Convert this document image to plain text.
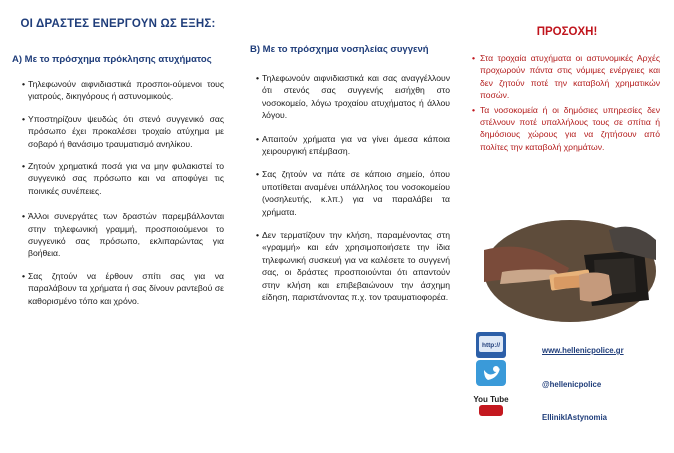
ΟΙ ΔΡΑΣΤΕΣ ΕΝΕΡΓΟΥΝ ΩΣ ΕΞΗΣ:
Α) Με το πρόσχημα πρόκλησης ατυχήματος
• Τηλεφωνούν αιφνιδιαστικά προσποι-ούμενοι τους γιατρούς, δικηγόρους ή αστυνομικούς.
• Υποστηρίζουν ψευδώς ότι στενό συγγενικό σας πρόσωπο έχει προκαλέσει τροχαίο ατύχημα με σοβαρό ή θανάσιμο τραυματισμό ανηλίκου.
• Ζητούν χρηματικά ποσά για να μην φυλακιστεί το συγγενικό σας πρόσωπο και να αποφύγει τις ποινικές συνέπειες.
• Άλλοι συνεργάτες των δραστών παρεμβάλλονται στην τηλεφωνική γραμμή, προσποιούμενοι το συγγενικό σας πρόσωπο, εκλιπαρώντας για βοήθεια.
• Σας ζητούν να έρθουν σπίτι σας για να παραλάβουν τα χρήματα ή σας δίνουν ραντεβού σε καθορισμένο τόπο και χρόνο.
Β) Με το πρόσχημα νοσηλείας συγγενή
• Τηλεφωνούν αιφνιδιαστικά και σας αναγγέλλουν ότι στενός σας συγγενής εισήχθη στο νοσοκομείο, λόγω τροχαίου ατυχήματος ή άλλου λόγου.
• Απαιτούν χρήματα για να γίνει άμεσα κάποια χειρουργική επέμβαση.
• Σας ζητούν να πάτε σε κάποιο σημείο, όπου υποτίθεται αναμένει υπάλληλος του νοσοκομείου (νοσηλευτής, κ.λπ.) για να παραλάβει τα χρήματα.
• Δεν τερματίζουν την κλήση, παραμένοντας στη «γραμμή» και εάν χρησιμοποιήσετε την ίδια τηλεφωνική συσκευή για να καλέσετε το συγγενή σας, οι δράστες προσποιούνται ότι απαντούν στην κλήση και επιβεβαιώνουν την άσχημη είδηση, παριστάνοντας π.χ. τον τραυματιοφορέα.
ΠΡΟΣΟΧΗ!
• Στα τροχαία ατυχήματα οι αστυνομικές Αρχές προχωρούν πάντα στις νόμιμες ενέργειες και δεν ζητούν ποτέ την καταβολή χρηματικών ποσών.
• Τα νοσοκομεία ή οι δημόσιες υπηρεσίες δεν στέλνουν ποτέ υπαλλήλους τους σε σπίτια ή δημόσιους χώρους για να ζητήσουν από πολίτες την καταβολή χρημάτων.
http://
www.hellenicpolice.gr
@hellenicpolice
You Tube
ElliniklAstynomia
